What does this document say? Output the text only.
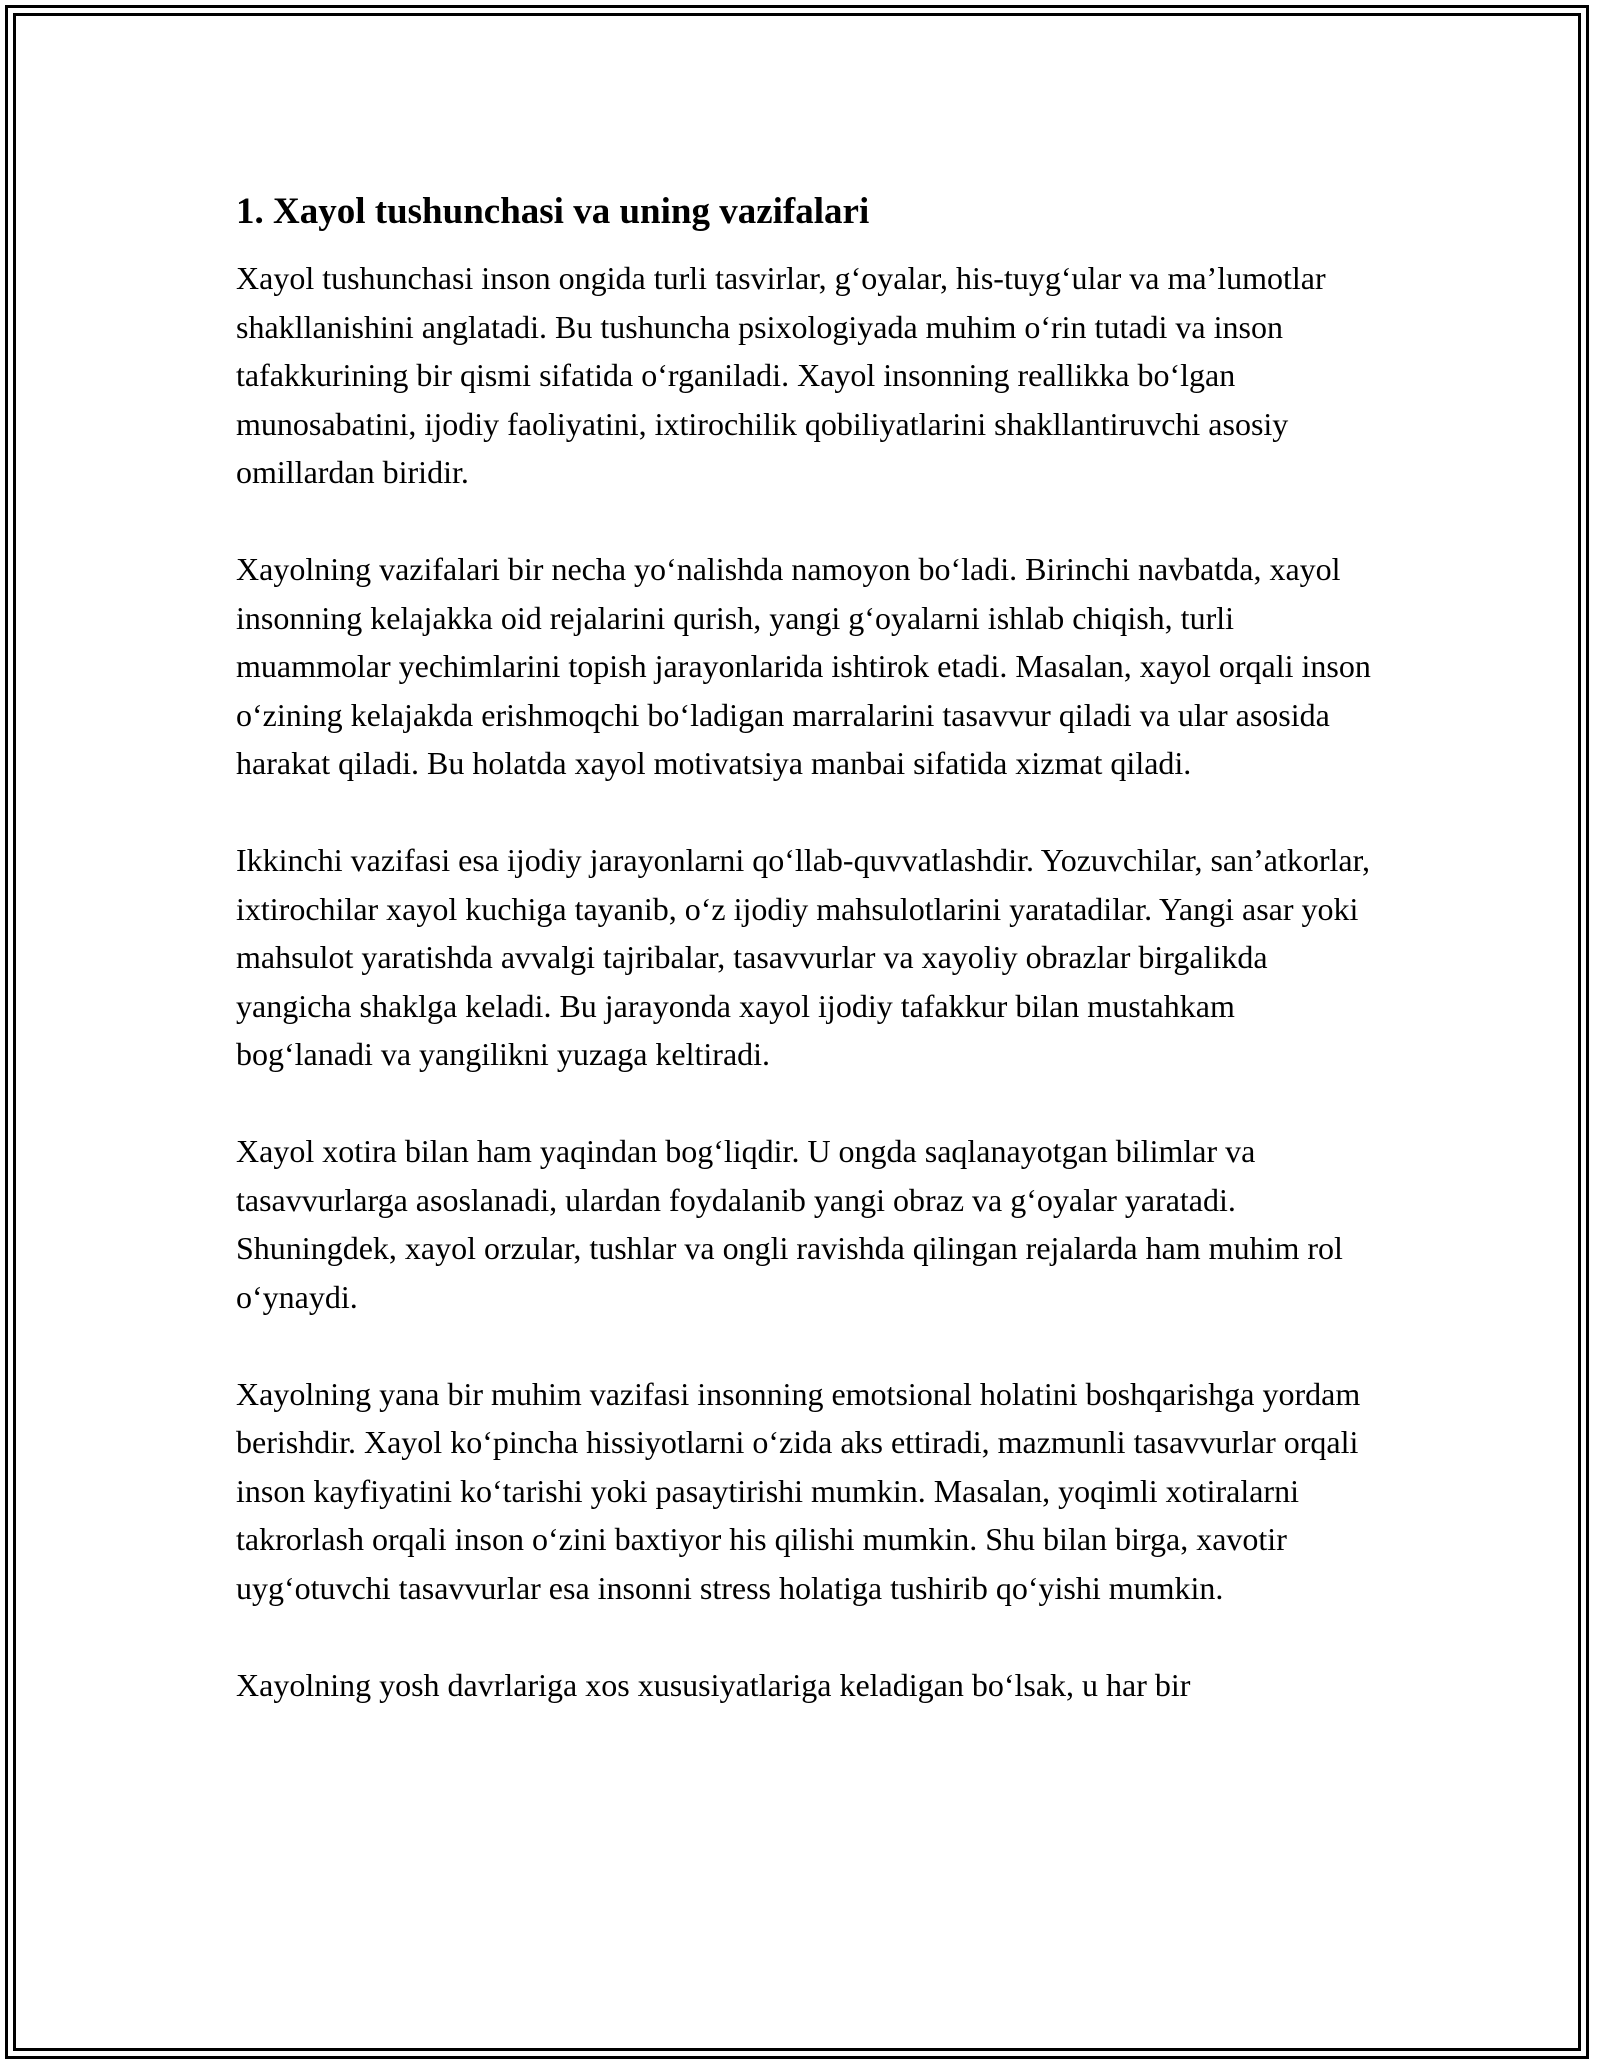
1. Xayol tushunchasi va uning vazifalari

Xayol tushunchasi inson ongida turli tasvirlar, g‘oyalar, his-tuyg‘ular va ma’lumotlar shakllanishini anglatadi. Bu tushuncha psixologiyada muhim o‘rin tutadi va inson tafakkurining bir qismi sifatida o‘rganiladi. Xayol insonning reallikka bo‘lgan munosabatini, ijodiy faoliyatini, ixtirochilik qobiliyatlarini shakllantiruvchi asosiy omillardan biridir.

Xayolning vazifalari bir necha yo‘nalishda namoyon bo‘ladi. Birinchi navbatda, xayol insonning kelajakka oid rejalarini qurish, yangi g‘oyalarni ishlab chiqish, turli muammolar yechimlarini topish jarayonlarida ishtirok etadi. Masalan, xayol orqali inson o‘zining kelajakda erishmoqchi bo‘ladigan marralarini tasavvur qiladi va ular asosida harakat qiladi. Bu holatda xayol motivatsiya manbai sifatida xizmat qiladi.

Ikkinchi vazifasi esa ijodiy jarayonlarni qo‘llab-quvvatlashdir. Yozuvchilar, san’atkorlar, ixtirochilar xayol kuchiga tayanib, o‘z ijodiy mahsulotlarini yaratadilar. Yangi asar yoki mahsulot yaratishda avvalgi tajribalar, tasavvurlar va xayoliy obrazlar birgalikda yangicha shaklga keladi. Bu jarayonda xayol ijodiy tafakkur bilan mustahkam bog‘lanadi va yangilikni yuzaga keltiradi.

Xayol xotira bilan ham yaqindan bog‘liqdir. U ongda saqlanayotgan bilimlar va tasavvurlarga asoslanadi, ulardan foydalanib yangi obraz va g‘oyalar yaratadi. Shuningdek, xayol orzular, tushlar va ongli ravishda qilingan rejalarda ham muhim rol o‘ynaydi.

Xayolning yana bir muhim vazifasi insonning emotsional holatini boshqarishga yordam berishdir. Xayol ko‘pincha hissiyotlarni o‘zida aks ettiradi, mazmunli tasavvurlar orqali inson kayfiyatini ko‘tarishi yoki pasaytirishi mumkin. Masalan, yoqimli xotiralarni takrorlash orqali inson o‘zini baxtiyor his qilishi mumkin. Shu bilan birga, xavotir uyg‘otuvchi tasavvurlar esa insonni stress holatiga tushirib qo‘yishi mumkin.

Xayolning yosh davrlariga xos xususiyatlariga keladigan bo‘lsak, u har bir
